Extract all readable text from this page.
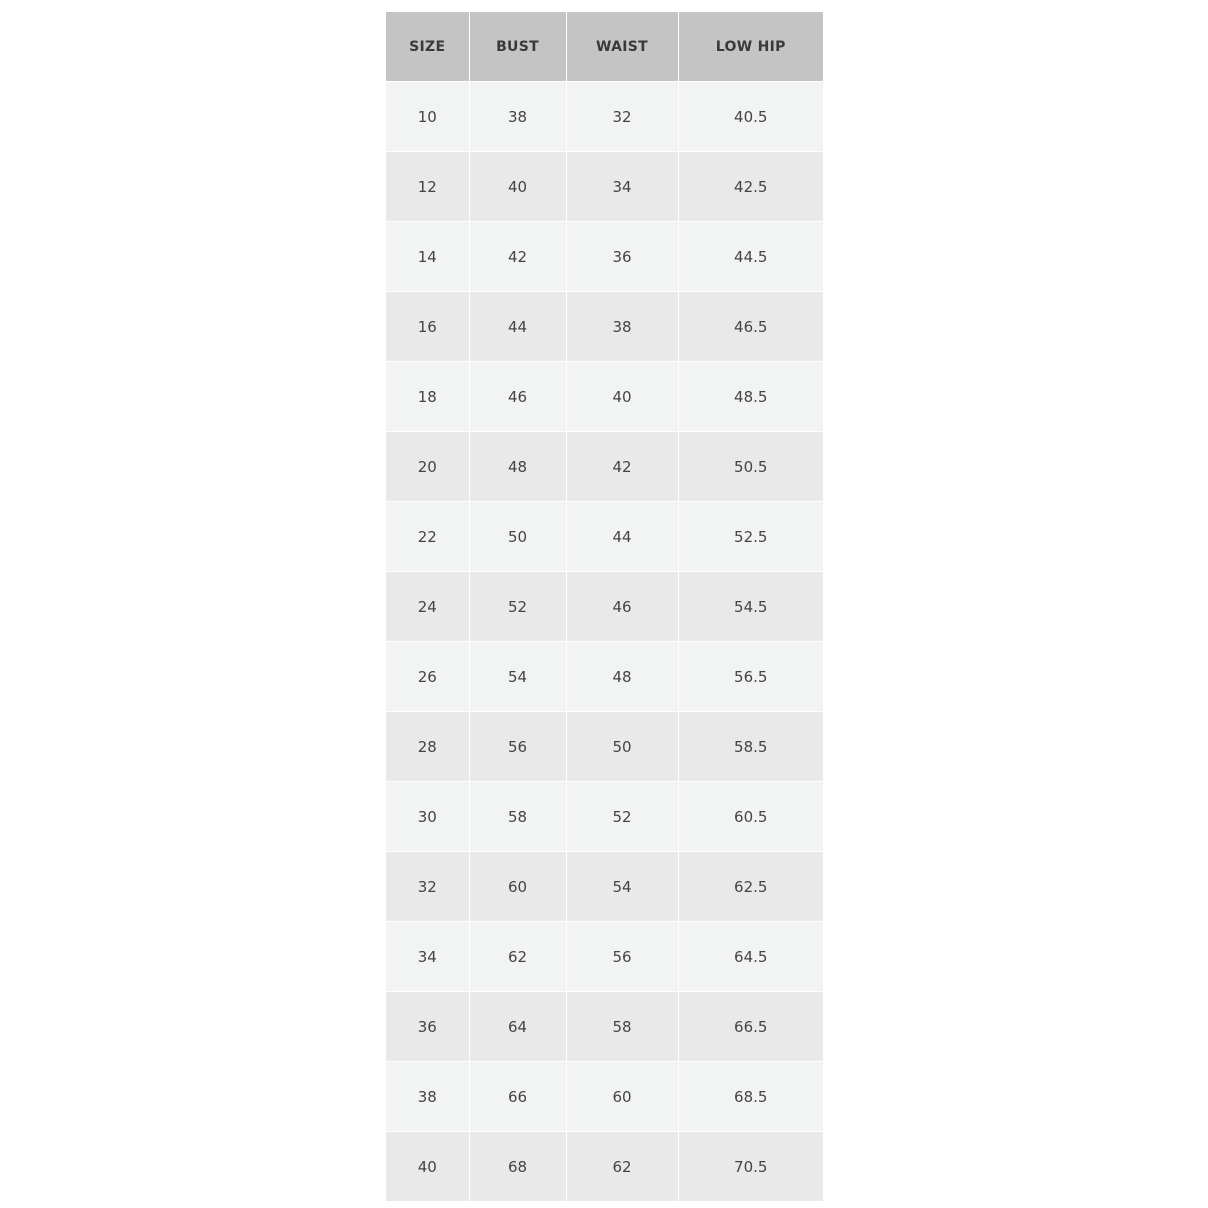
SIZE	BUST	WAIST	LOW HIP
10	38	32	40.5
12	40	34	42.5
14	42	36	44.5
16	44	38	46.5
18	46	40	48.5
20	48	42	50.5
22	50	44	52.5
24	52	46	54.5
26	54	48	56.5
28	56	50	58.5
30	58	52	60.5
32	60	54	62.5
34	62	56	64.5
36	64	58	66.5
38	66	60	68.5
40	68	62	70.5
